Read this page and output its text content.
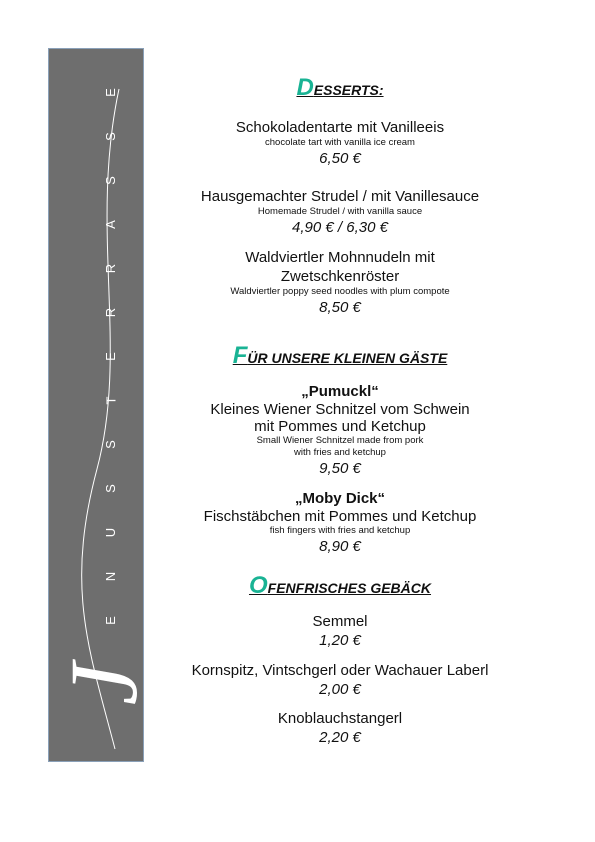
E
S
S
A
R
R
E
T
S
S
U
N
E
J
DESSERTS:
Schokoladentarte mit Vanilleeis
chocolate tart with vanilla ice cream
6,50 €
Hausgemachter Strudel / mit Vanillesauce
Homemade Strudel / with vanilla sauce
4,90 € / 6,30 €
Waldviertler Mohnnudeln mit
Zwetschkenröster
Waldviertler poppy seed noodles with plum compote
8,50 €
FÜR UNSERE KLEINEN GÄSTE
„Pumuckl“
Kleines Wiener Schnitzel vom Schwein
mit Pommes und Ketchup
Small Wiener Schnitzel made from pork
with fries and ketchup
9,50 €
„Moby Dick“
Fischstäbchen mit Pommes und Ketchup
fish fingers with fries and ketchup
8,90 €
OFENFRISCHES GEBÄCK
Semmel
1,20 €
Kornspitz, Vintschgerl oder Wachauer Laberl
2,00 €
Knoblauchstangerl
2,20 €
